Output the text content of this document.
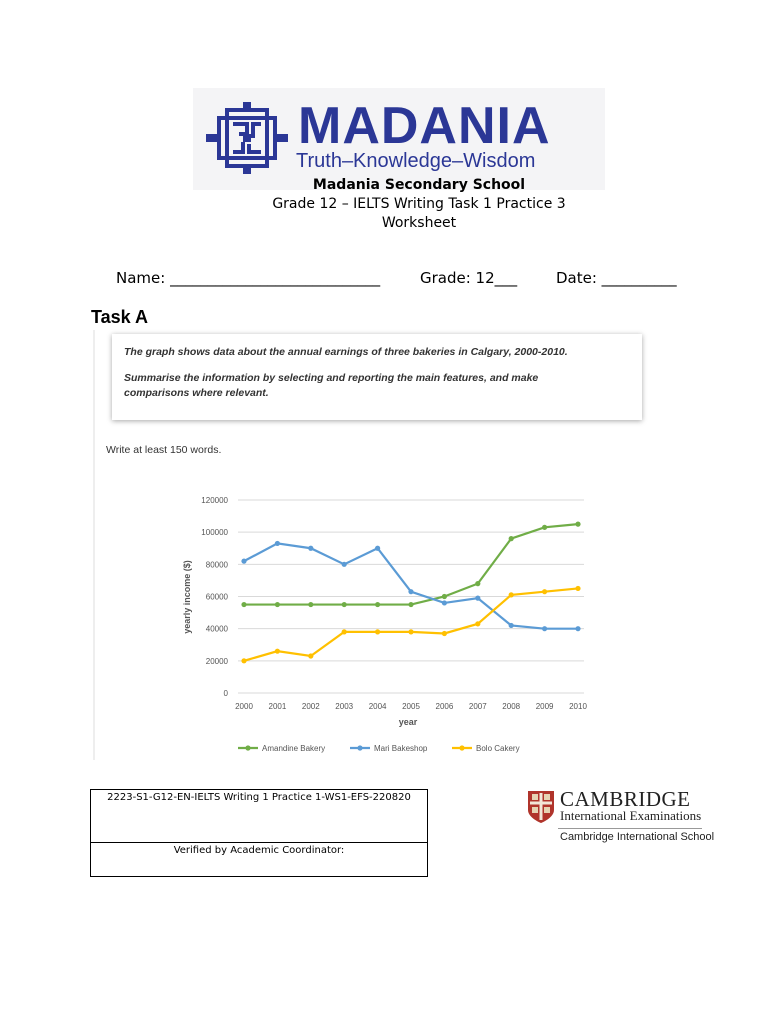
MADANIA
Truth–Knowledge–Wisdom
Madania Secondary School
Grade 12 – IELTS Writing Task 1 Practice 3
Worksheet
Name: ____________________________	Grade: 12___	Date: __________
Task A
The graph shows data about the annual earnings of three bakeries in Calgary, 2000-2010.
Summarise the information by selecting and reporting the main features, and make
comparisons where relevant.
Write at least 150 words.
0
20000
40000
60000
80000
100000
120000
2000 2001 2002 2003 2004 2005 2006 2007 2008 2009 2010
Amandine Bakery	Mari Bakeshop	Bolo Cakery
year
yearly income ($)
2223-S1-G12-EN-IELTS Writing 1 Practice 1-WS1-EFS-220820
Verified by Academic Coordinator:
CAMBRIDGE
International Examinations
Cambridge International School
